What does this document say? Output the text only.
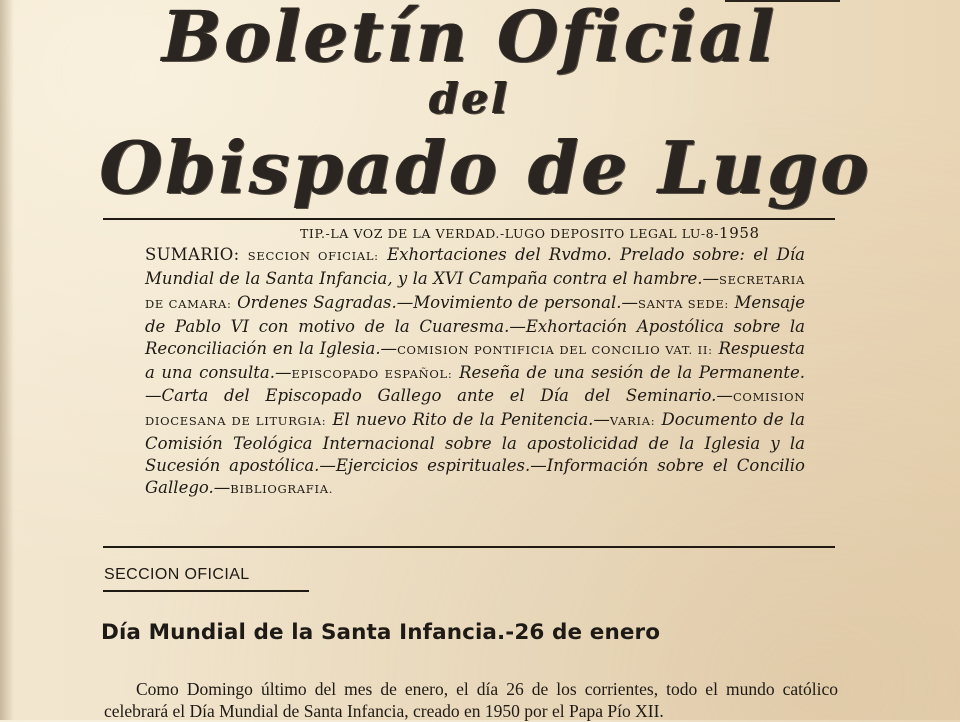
Boletín Oficial
del
Obispado de Lugo
TIP.-LA VOZ DE LA VERDAD.-LUGO DEPOSITO LEGAL LU-8-1958
SUMARIO: SECCION OFICIAL: Exhortaciones del Rvdmo. Prelado sobre: el Día Mundial de la Santa Infancia, y la XVI Campaña contra el hambre.—SECRETARIA DE CAMARA: Ordenes Sagradas.—Movimiento de personal.—SANTA SEDE: Mensaje de Pablo VI con motivo de la Cuaresma.—Exhortación Apostólica sobre la Reconciliación en la Iglesia.—COMISION PONTIFICIA DEL CONCILIO VAT. II: Respuesta a una consulta.—EPISCOPADO ESPAÑOL: Reseña de una sesión de la Permanente.—Carta del Episcopado Gallego ante el Día del Seminario.—COMISION DIOCESANA DE LITURGIA: El nuevo Rito de la Penitencia.—VARIA: Documento de la Comisión Teológica Internacional sobre la apostolicidad de la Iglesia y la Sucesión apostólica.—Ejercicios espirituales.—Información sobre el Concilio Gallego.—BIBLIOGRAFIA.
SECCION OFICIAL
Día Mundial de la Santa Infancia.-26 de enero
Como Domingo último del mes de enero, el día 26 de los corrientes, todo el mundo católico celebrará el Día Mundial de Santa Infancia, creado en 1950 por el Papa Pío XII.
